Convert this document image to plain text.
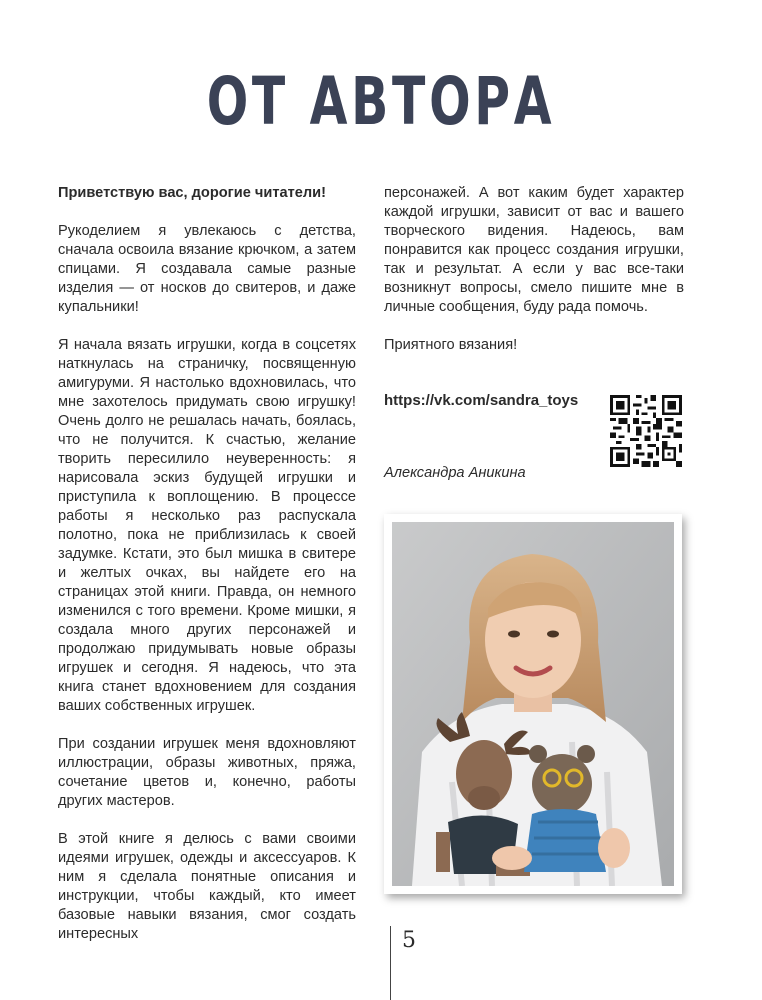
ОТ АВТОРА

Приветствую вас, дорогие читатели!

Рукоделием я увлекаюсь с детства, сначала освоила вязание крючком, а затем спицами. Я создавала самые разные изделия — от носков до свитеров, и даже купальники!

Я начала вязать игрушки, когда в соцсетях наткнулась на страничку, посвященную амигуруми. Я настолько вдохновилась, что мне захотелось придумать свою игрушку! Очень долго не решалась начать, боялась, что не получится. К счастью, желание творить пересилило неуверенность: я нарисовала эскиз будущей игрушки и приступила к воплощению. В процессе работы я несколько раз распускала полотно, пока не приблизилась к своей задумке. Кстати, это был мишка в свитере и желтых очках, вы найдете его на страницах этой книги. Правда, он немного изменился с того времени. Кроме мишки, я создала много других персонажей и продолжаю придумывать новые образы игрушек и сегодня. Я надеюсь, что эта книга станет вдохновением для создания ваших собственных игрушек.

При создании игрушек меня вдохновляют иллюстрации, образы животных, пряжа, сочетание цветов и, конечно, работы других мастеров.

В этой книге я делюсь с вами своими идеями игрушек, одежды и аксессуаров. К ним я сделала понятные описания и инструкции, чтобы каждый, кто имеет базовые навыки вязания, смог создать интересных

персонажей. А вот каким будет характер каждой игрушки, зависит от вас и вашего творческого видения. Надеюсь, вам понравится как процесс создания игрушки, так и результат. А если у вас все-таки возникнут вопросы, смело пишите мне в личные сообщения, буду рада помочь.

Приятного вязания!

https://vk.com/sandra_toys
Александра Аникина
5
